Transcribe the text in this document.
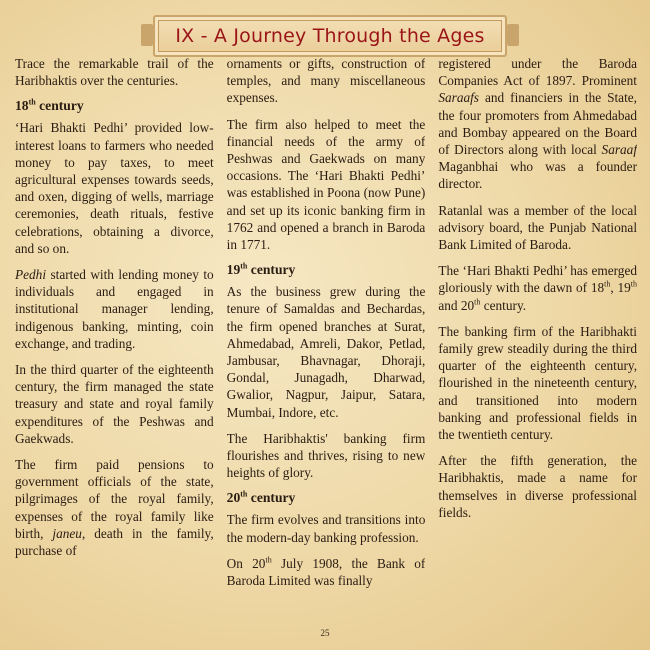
IX - A Journey Through the Ages

Trace the remarkable trail of the Haribhaktis over the centuries.

18th century

‘Hari Bhakti Pedhi’ provided low-interest loans to farmers who needed money to pay taxes, to meet agricultural expenses towards seeds, and oxen, digging of wells, marriage ceremonies, death rituals, festive celebrations, obtaining a divorce, and so on.

Pedhi started with lending money to individuals and engaged in institutional manager lending, indigenous banking, minting, coin exchange, and trading.

In the third quarter of the eighteenth century, the firm managed the state treasury and state and royal family expenditures of the Peshwas and Gaekwads.

The firm paid pensions to government officials of the state, pilgrimages of the royal family, expenses of the royal family like birth, janeu, death in the family, purchase of

ornaments or gifts, construction of temples, and many miscellaneous expenses.

The firm also helped to meet the financial needs of the army of Peshwas and Gaekwads on many occasions. The ‘Hari Bhakti Pedhi’ was established in Poona (now Pune) and set up its iconic banking firm in 1762 and opened a branch in Baroda in 1771.

19th century

As the business grew during the tenure of Samaldas and Bechardas, the firm opened branches at Surat, Ahmedabad, Amreli, Dakor, Petlad, Jambusar, Bhavnagar, Dhoraji, Gondal, Junagadh, Dharwad, Gwalior, Nagpur, Jaipur, Satara, Mumbai, Indore, etc.

The Haribhaktis' banking firm flourishes and thrives, rising to new heights of glory.

20th century

The firm evolves and transitions into the modern-day banking profession.

On 20th July 1908, the Bank of Baroda Limited was finally

registered under the Baroda Companies Act of 1897. Prominent Saraafs and financiers in the State, the four promoters from Ahmedabad and Bombay appeared on the Board of Directors along with local Saraaf Maganbhai who was a founder director.

Ratanlal was a member of the local advisory board, the Punjab National Bank Limited of Baroda.

The ‘Hari Bhakti Pedhi’ has emerged gloriously with the dawn of 18th, 19th and 20th century.

The banking firm of the Haribhakti family grew steadily during the third quarter of the eighteenth century, flourished in the nineteenth century, and transitioned into modern banking and professional fields in the twentieth century.

After the fifth generation, the Haribhaktis, made a name for themselves in diverse professional fields.

25
